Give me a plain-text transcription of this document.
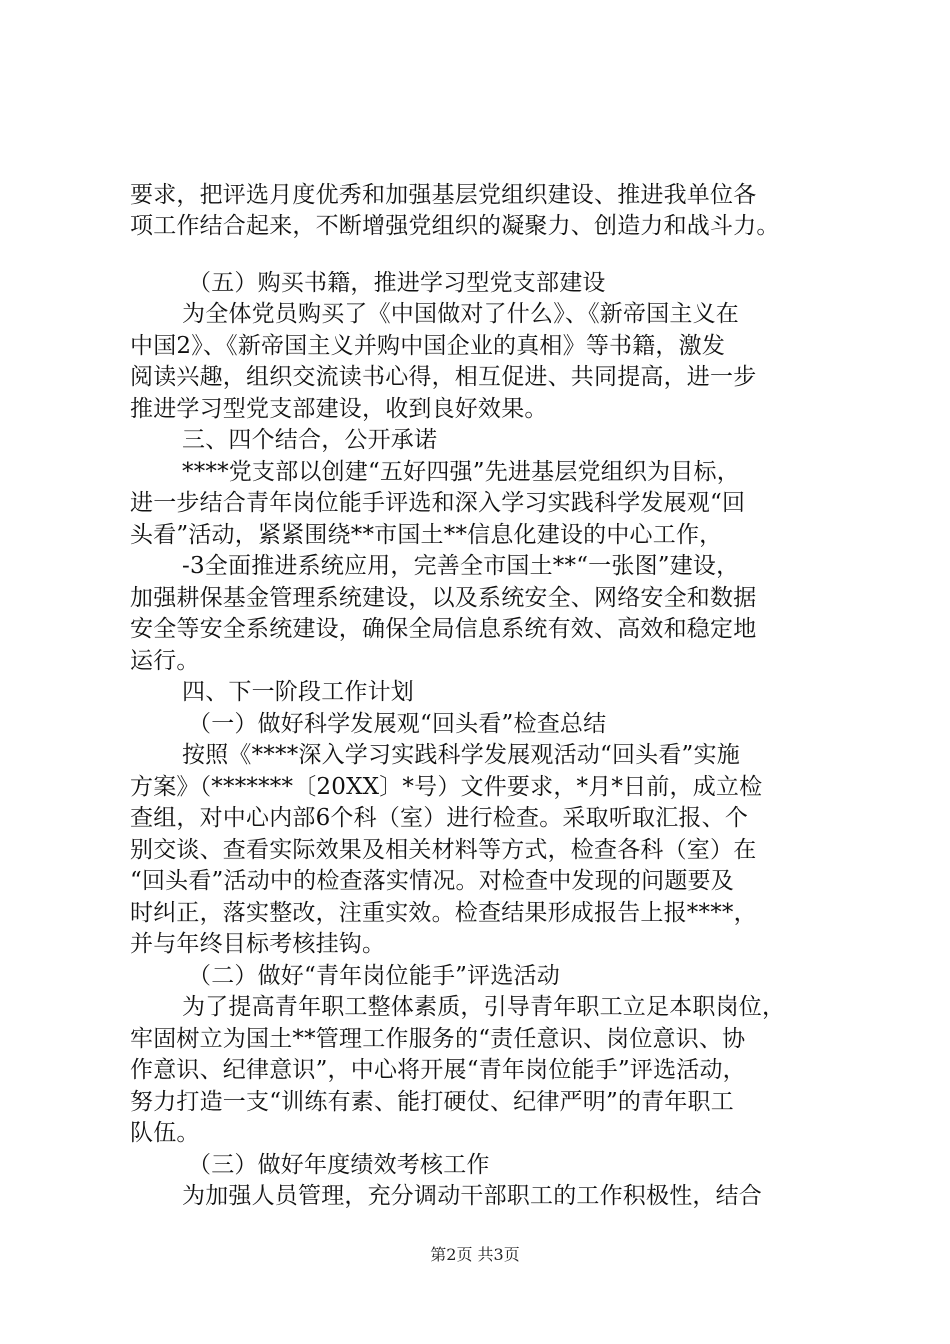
要求，把评选月度优秀和加强基层党组织建设、推进我单位各
项工作结合起来，不断增强党组织的凝聚力、创造力和战斗力。
（五）购买书籍，推进学习型党支部建设
为全体党员购买了《中国做对了什么》、《新帝国主义在
中国2》、《新帝国主义并购中国企业的真相》等书籍，激发
阅读兴趣，组织交流读书心得，相互促进、共同提高，进一步
推进学习型党支部建设，收到良好效果。
三、四个结合，公开承诺
****党支部以创建“五好四强”先进基层党组织为目标，
进一步结合青年岗位能手评选和深入学习实践科学发展观“回
头看”活动，紧紧围绕**市国土**信息化建设的中心工作，
-3全面推进系统应用，完善全市国土**“一张图”建设，
加强耕保基金管理系统建设，以及系统安全、网络安全和数据
安全等安全系统建设，确保全局信息系统有效、高效和稳定地
运行。
四、下一阶段工作计划
（一）做好科学发展观“回头看”检查总结
按照《****深入学习实践科学发展观活动“回头看”实施
方案》（*******〔20XX〕*号）文件要求，*月*日前，成立检
查组，对中心内部6个科（室）进行检查。采取听取汇报、个
别交谈、查看实际效果及相关材料等方式，检查各科（室）在
“回头看”活动中的检查落实情况。对检查中发现的问题要及
时纠正，落实整改，注重实效。检查结果形成报告上报****，
并与年终目标考核挂钩。
（二）做好“青年岗位能手”评选活动
为了提高青年职工整体素质，引导青年职工立足本职岗位，
牢固树立为国土**管理工作服务的“责任意识、岗位意识、协
作意识、纪律意识”，中心将开展“青年岗位能手”评选活动，
努力打造一支“训练有素、能打硬仗、纪律严明”的青年职工
队伍。
（三）做好年度绩效考核工作
为加强人员管理，充分调动干部职工的工作积极性，结合
第2页 共3页
